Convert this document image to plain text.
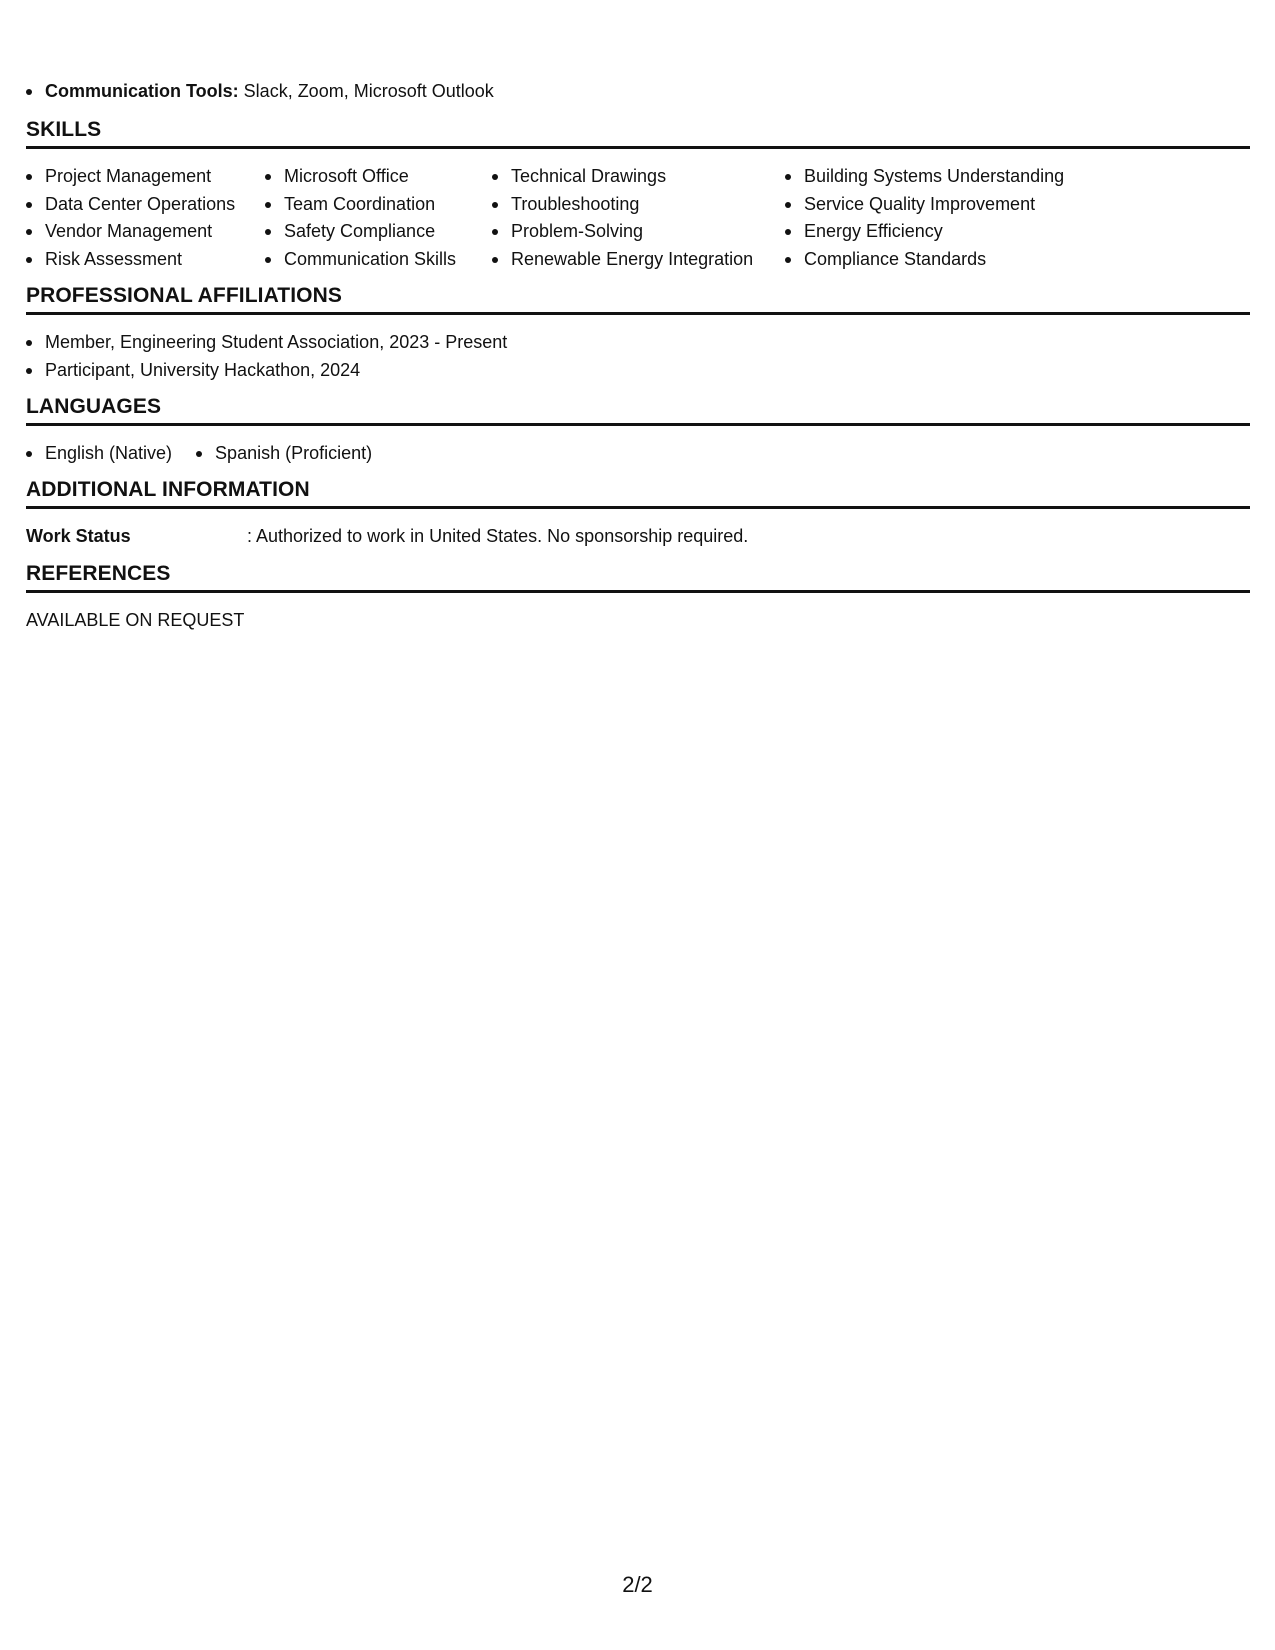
Communication Tools: Slack, Zoom, Microsoft Outlook
SKILLS
Project Management
Data Center Operations
Vendor Management
Risk Assessment
Microsoft Office
Team Coordination
Safety Compliance
Communication Skills
Technical Drawings
Troubleshooting
Problem-Solving
Renewable Energy Integration
Building Systems Understanding
Service Quality Improvement
Energy Efficiency
Compliance Standards
PROFESSIONAL AFFILIATIONS
Member, Engineering Student Association, 2023 - Present
Participant, University Hackathon, 2024
LANGUAGES
English (Native)	Spanish (Proficient)
ADDITIONAL INFORMATION
Work Status	: Authorized to work in United States. No sponsorship required.
REFERENCES
AVAILABLE ON REQUEST
2/2
